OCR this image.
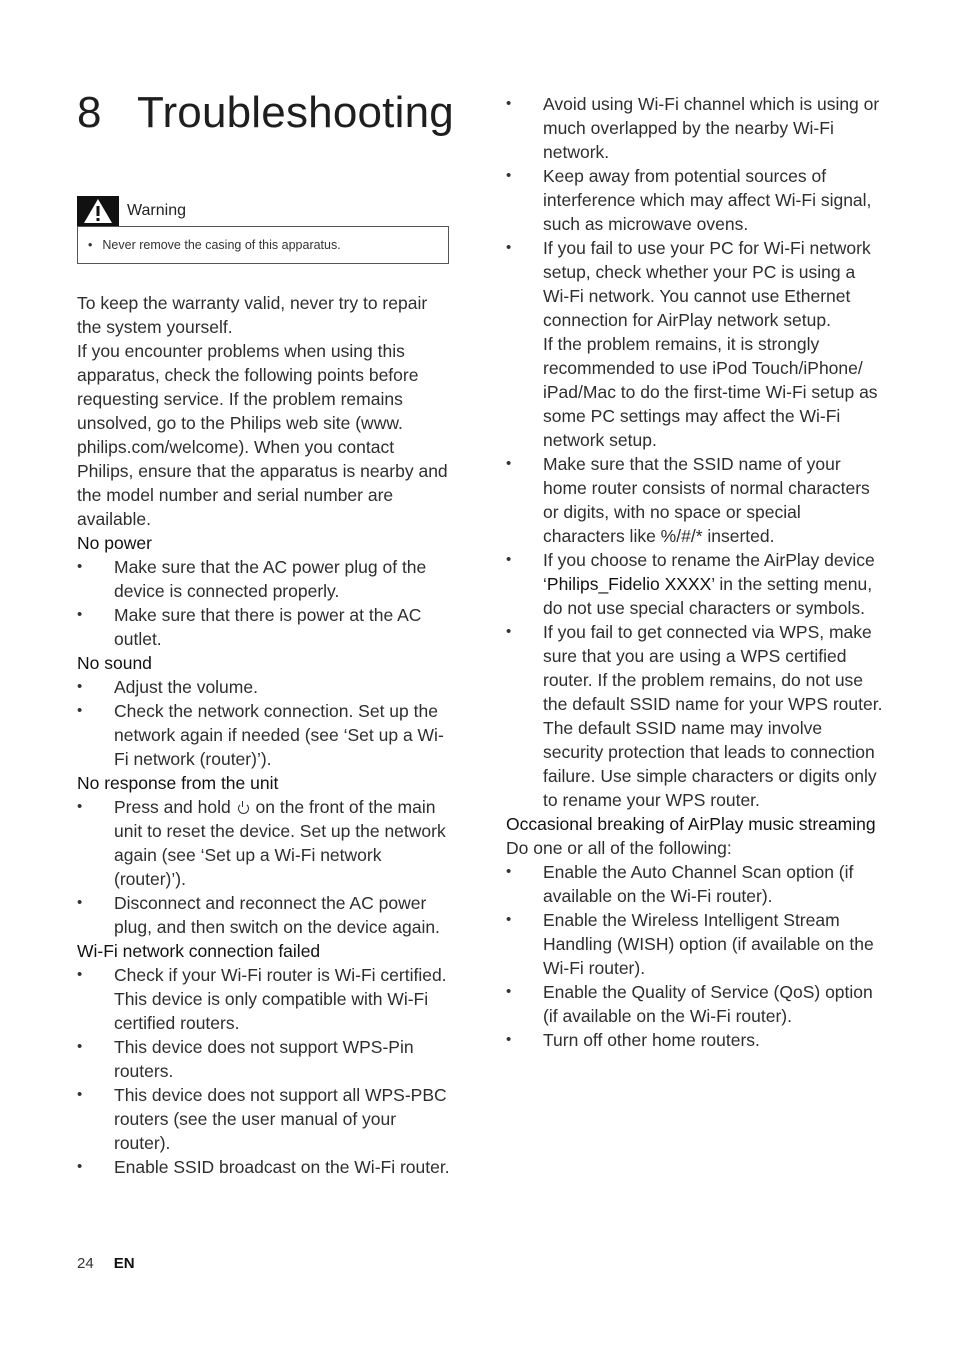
8 Troubleshooting
Warning
• Never remove the casing of this apparatus.

To keep the warranty valid, never try to repair the system yourself.

If you encounter problems when using this apparatus, check the following points before requesting service. If the problem remains unsolved, go to the Philips web site (www. philips.com/welcome). When you contact Philips, ensure that the apparatus is nearby and the model number and serial number are available.

No power
• Make sure that the AC power plug of the device is connected properly.
• Make sure that there is power at the AC outlet.
No sound
• Adjust the volume.
• Check the network connection. Set up the network again if needed (see ‘Set up a Wi-Fi network (router)’).
No response from the unit
• Press and hold on the front of the main unit to reset the device. Set up the network again (see ‘Set up a Wi-Fi network (router)’).
• Disconnect and reconnect the AC power plug, and then switch on the device again.
Wi-Fi network connection failed
• Check if your Wi-Fi router is Wi-Fi certified. This device is only compatible with Wi-Fi certified routers.
• This device does not support WPS-Pin routers.
• This device does not support all WPS-PBC routers (see the user manual of your router).
• Enable SSID broadcast on the Wi-Fi router.
• Avoid using Wi-Fi channel which is using or much overlapped by the nearby Wi-Fi network.
• Keep away from potential sources of interference which may affect Wi-Fi signal, such as microwave ovens.
• If you fail to use your PC for Wi-Fi network setup, check whether your PC is using a Wi-Fi network. You cannot use Ethernet connection for AirPlay network setup.
If the problem remains, it is strongly recommended to use iPod Touch/iPhone/ iPad/Mac to do the first-time Wi-Fi setup as some PC settings may affect the Wi-Fi network setup.
• Make sure that the SSID name of your home router consists of normal characters or digits, with no space or special characters like %/#/* inserted.
• If you choose to rename the AirPlay device ‘Philips_Fidelio XXXX’ in the setting menu, do not use special characters or symbols.
• If you fail to get connected via WPS, make sure that you are using a WPS certified router. If the problem remains, do not use the default SSID name for your WPS router. The default SSID name may involve security protection that leads to connection failure. Use simple characters or digits only to rename your WPS router.
Occasional breaking of AirPlay music streaming
Do one or all of the following:
• Enable the Auto Channel Scan option (if available on the Wi-Fi router).
• Enable the Wireless Intelligent Stream Handling (WISH) option (if available on the Wi-Fi router).
• Enable the Quality of Service (QoS) option (if available on the Wi-Fi router).
• Turn off other home routers.
24 EN
